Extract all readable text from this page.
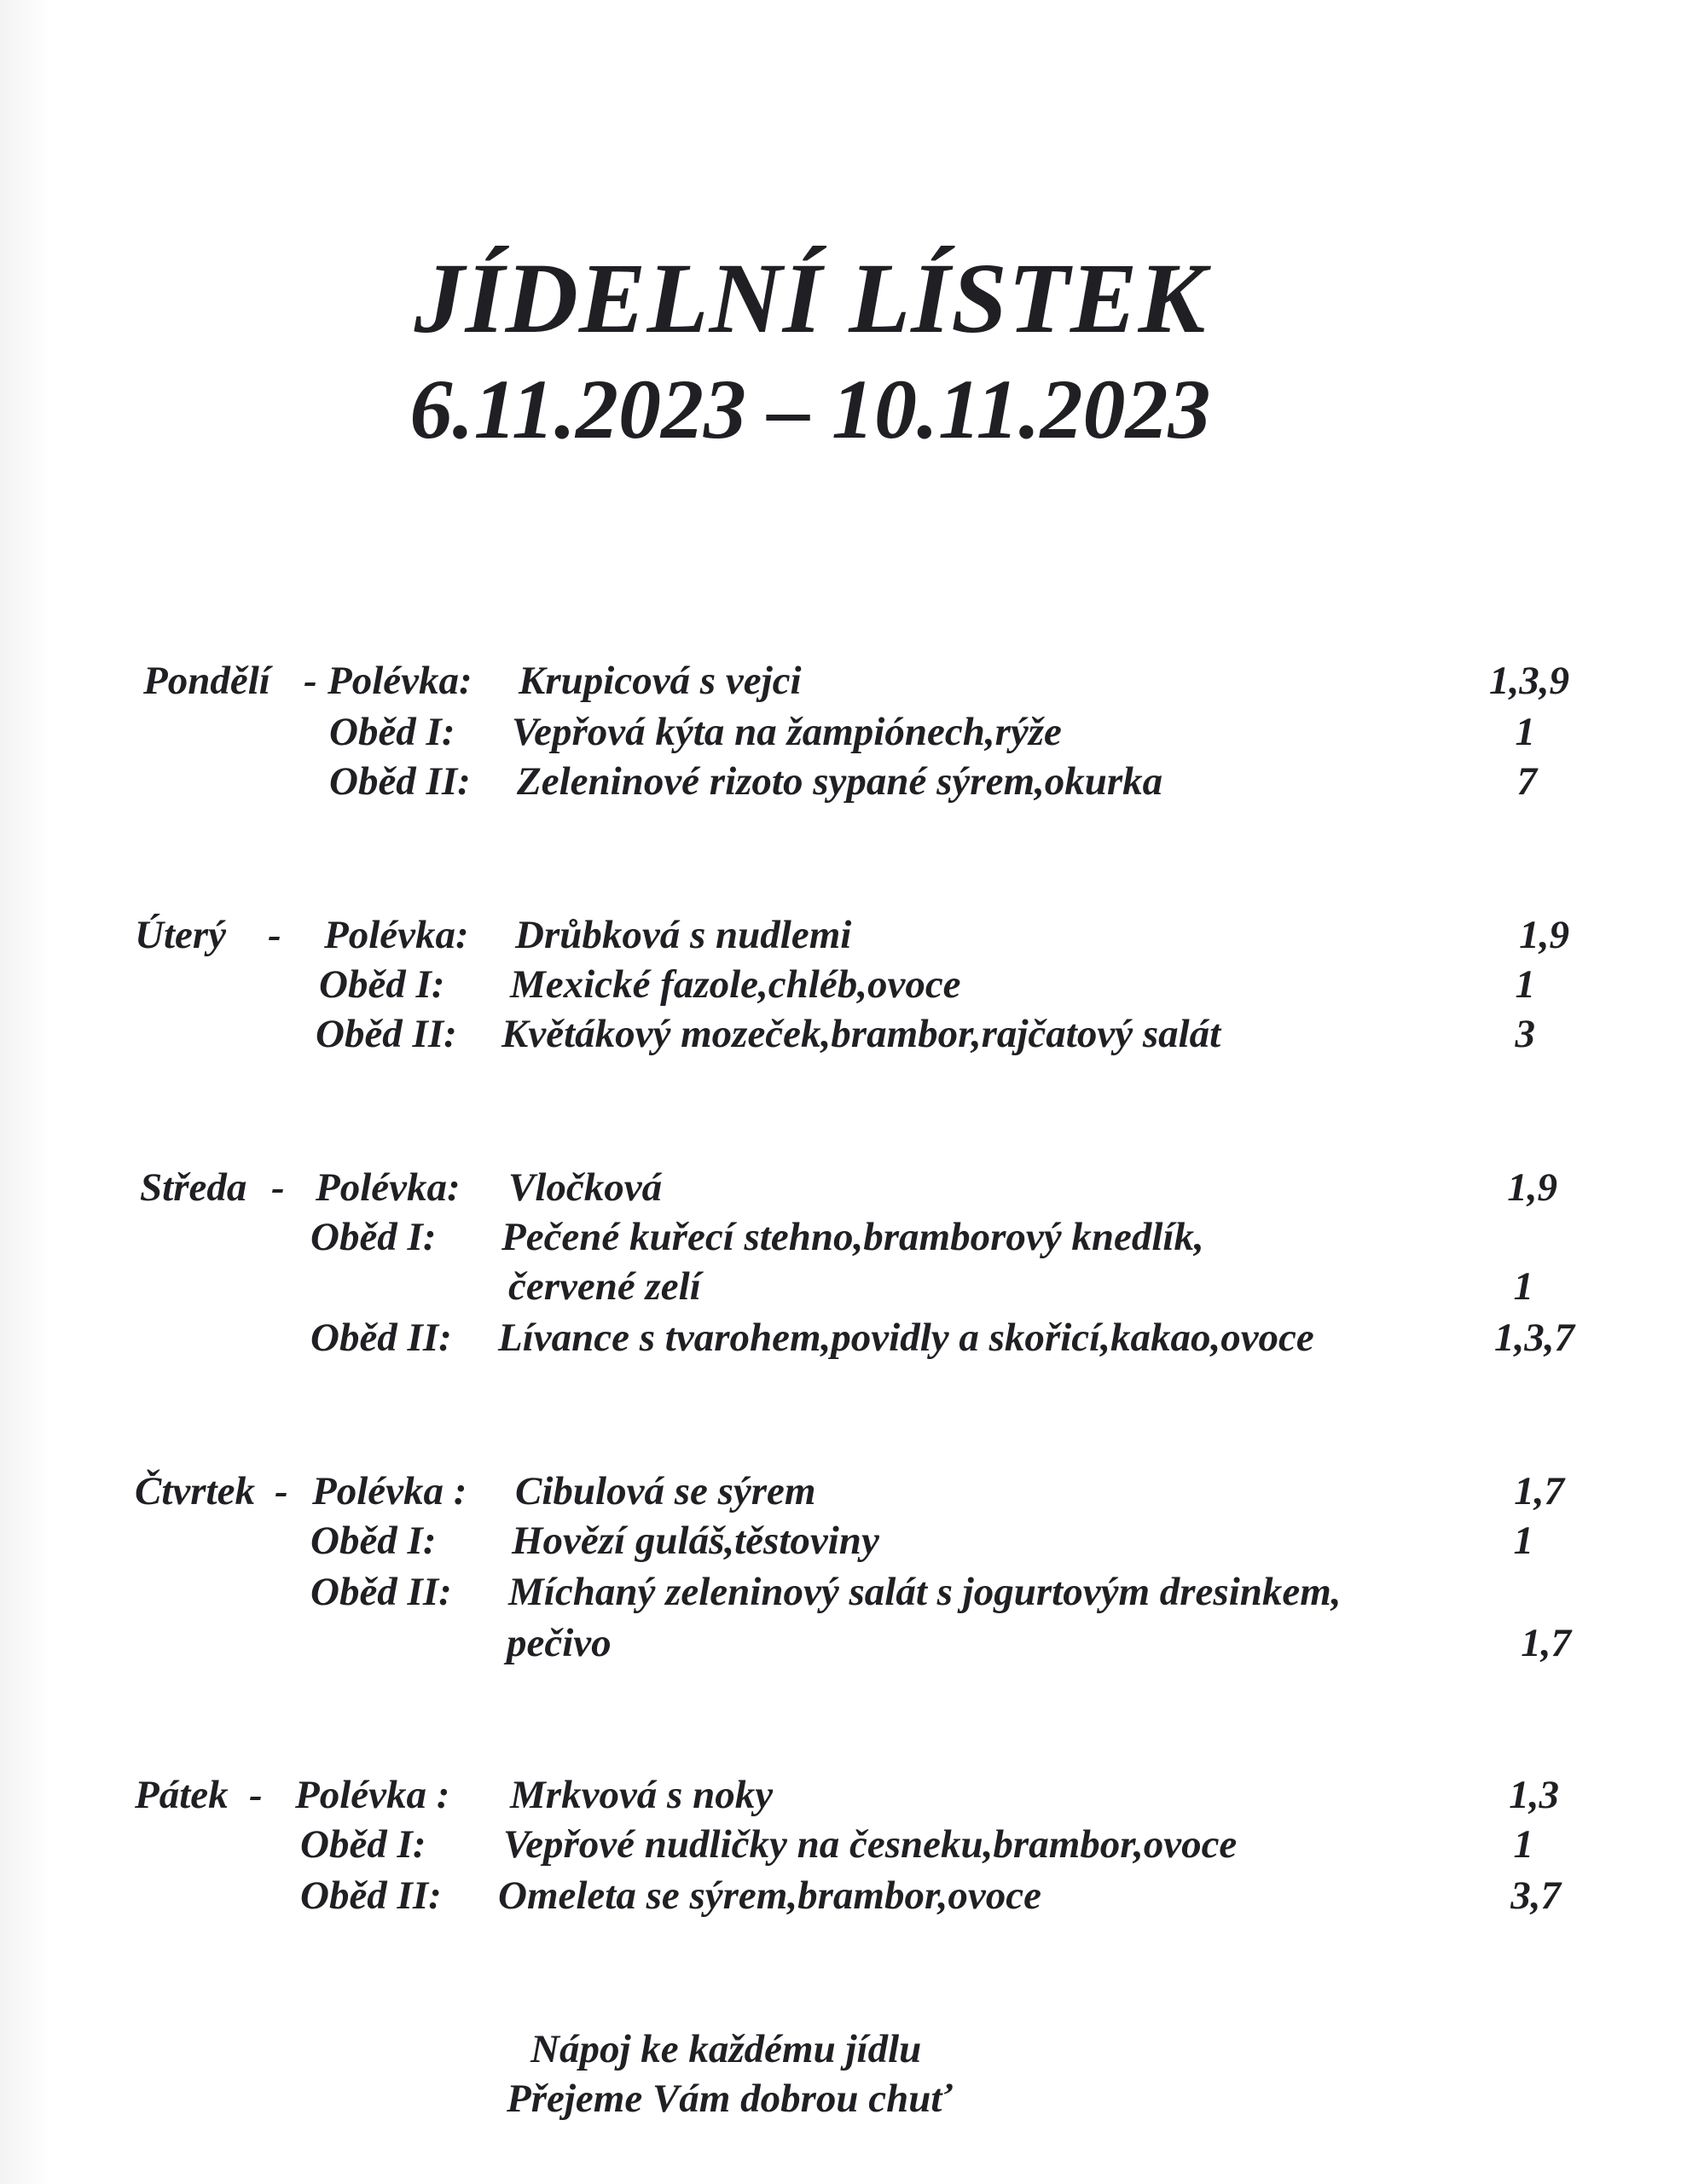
JÍDELNÍ LÍSTEK
6.11.2023 – 10.11.2023
Pondělí - Polévka: Krupicová s vejci	1,3,9
Oběd I: Vepřová kýta na žampiónech,rýže	1
Oběd II: Zeleninové rizoto sypané sýrem,okurka	7
Úterý - Polévka: Drůbková s nudlemi	1,9
Oběd I: Mexické fazole,chléb,ovoce	1
Oběd II: Květákový mozeček,brambor,rajčatový salát	3
Středa - Polévka: Vločková	1,9
Oběd I: Pečené kuřecí stehno,bramborový knedlík,
červené zelí	1
Oběd II: Lívance s tvarohem,povidly a skořicí,kakao,ovoce	1,3,7
Čtvrtek - Polévka : Cibulová se sýrem	1,7
Oběd I: Hovězí guláš,těstoviny	1
Oběd II: Míchaný zeleninový salát s jogurtovým dresinkem,
pečivo	1,7
Pátek - Polévka : Mrkvová s noky	1,3
Oběd I: Vepřové nudličky na česneku,brambor,ovoce	1
Oběd II: Omeleta se sýrem,brambor,ovoce	3,7
Nápoj ke každému jídlu
Přejeme Vám dobrou chuť
